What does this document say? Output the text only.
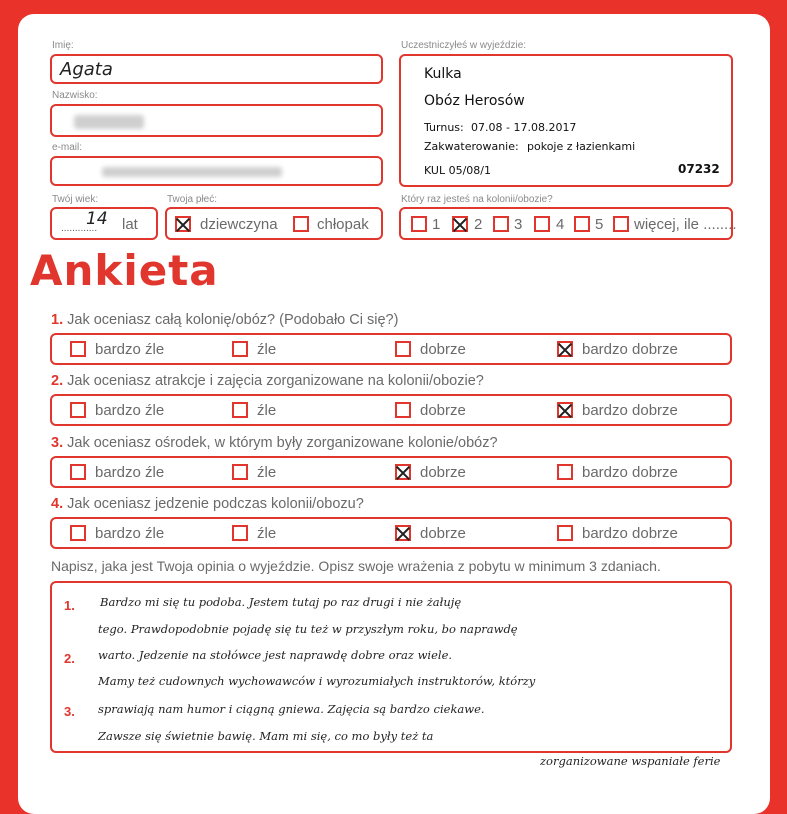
Imię:
Agata
Nazwisko:
e-mail:
Twój wiek:
.............
14 lat
Twoja płeć:
dziewczyna	chłopak
Uczestniczyłeś w wyjeździe:
Kulka
Obóz Herosów
Turnus: 07.08 - 17.08.2017
Zakwaterowanie: pokoje z łazienkami
KUL 05/08/1	07232
Który raz jesteś na kolonii/obozie?
1 2 3 4 5 więcej, ile ........
Ankieta
1. Jak oceniasz całą kolonię/obóz? (Podobało Ci się?)
bardzo źle	źle	dobrze	bardzo dobrze
2. Jak oceniasz atrakcje i zajęcia zorganizowane na kolonii/obozie?
bardzo źle	źle	dobrze	bardzo dobrze
3. Jak oceniasz ośrodek, w którym były zorganizowane kolonie/obóz?
bardzo źle	źle	dobrze	bardzo dobrze
4. Jak oceniasz jedzenie podczas kolonii/obozu?
bardzo źle	źle	dobrze	bardzo dobrze
Napisz, jaka jest Twoja opinia o wyjeździe. Opisz swoje wrażenia z pobytu w minimum 3 zdaniach.
1.
2.
3.
Bardzo mi się tu podoba. Jestem tutaj po raz drugi i nie żałuję
tego. Prawdopodobnie pojadę się tu też w przyszłym roku, bo naprawdę
warto. Jedzenie na stołówce jest naprawdę dobre oraz wiele.
Mamy też cudownych wychowawców i wyrozumiałych instruktorów, którzy
sprawiają nam humor i ciągną gniewa. Zajęcia są bardzo ciekawe.
Zawsze się świetnie bawię. Mam mi się, co mo były też ta
zorganizowane wspaniałe ferie
